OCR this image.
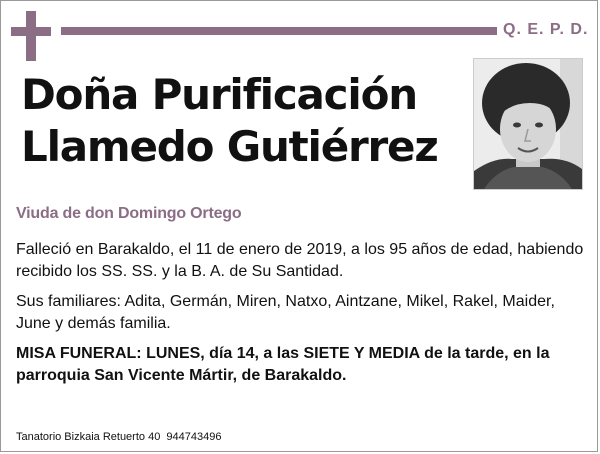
Q. E. P. D.
Doña Purificación
Llamedo Gutiérrez
Viuda de don Domingo Ortego
Falleció en Barakaldo, el 11 de enero de 2019, a los 95 años de edad, habiendo recibido los SS. SS. y la B. A. de Su Santidad.
Sus familiares: Adita, Germán, Miren, Natxo, Aintzane, Mikel, Rakel, Maider, June y demás familia.
MISA FUNERAL: LUNES, día 14, a las SIETE Y MEDIA de la tarde, en la parroquia San Vicente Mártir, de Barakaldo.
Tanatorio Bizkaia Retuerto 40  944743496
